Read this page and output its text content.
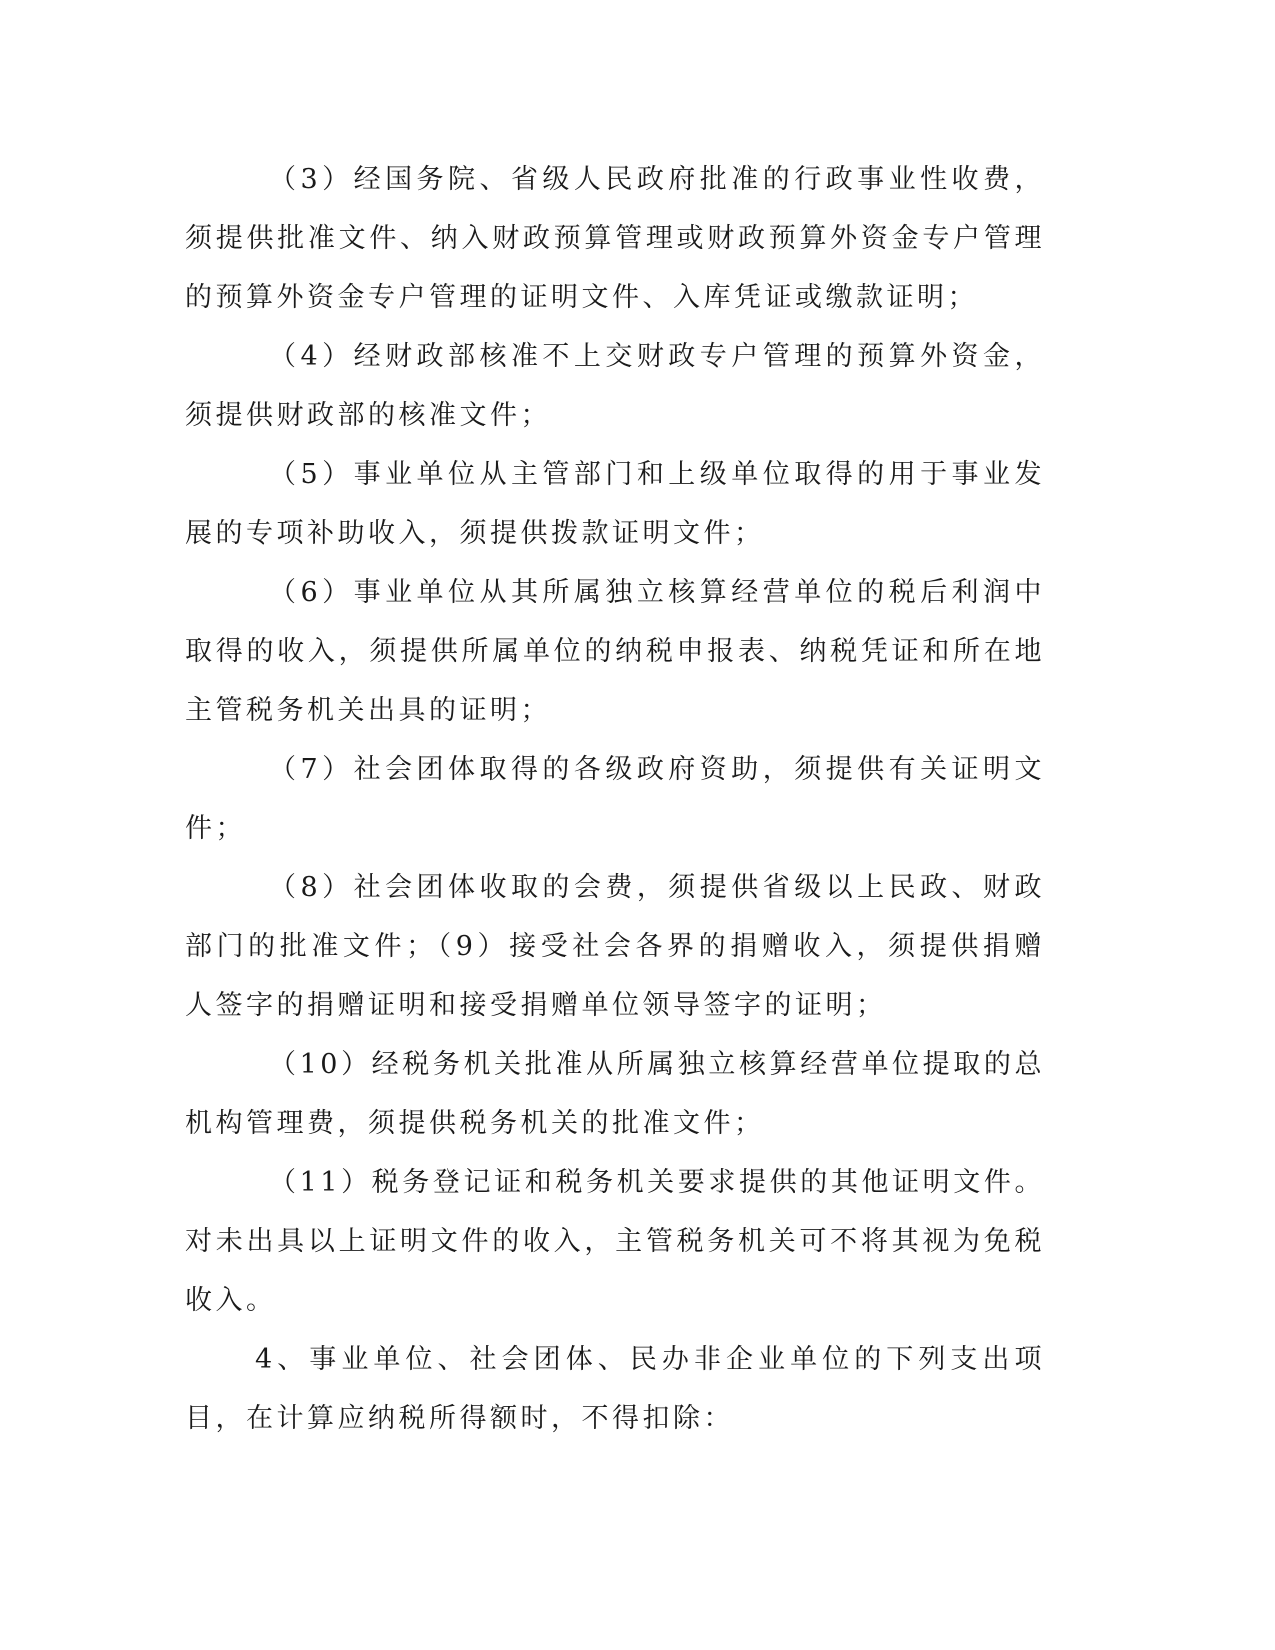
（3）经国务院、省级人民政府批准的行政事业性收费，须提供批准文件、纳入财政预算管理或财政预算外资金专户管理的预算外资金专户管理的证明文件、入库凭证或缴款证明；

（4）经财政部核准不上交财政专户管理的预算外资金，须提供财政部的核准文件；

（5）事业单位从主管部门和上级单位取得的用于事业发展的专项补助收入，须提供拨款证明文件；

（6）事业单位从其所属独立核算经营单位的税后利润中取得的收入，须提供所属单位的纳税申报表、纳税凭证和所在地主管税务机关出具的证明；

（7）社会团体取得的各级政府资助，须提供有关证明文件；

（8）社会团体收取的会费，须提供省级以上民政、财政部门的批准文件；（9）接受社会各界的捐赠收入，须提供捐赠人签字的捐赠证明和接受捐赠单位领导签字的证明；

（10）经税务机关批准从所属独立核算经营单位提取的总机构管理费，须提供税务机关的批准文件；

（11）税务登记证和税务机关要求提供的其他证明文件。对未出具以上证明文件的收入，主管税务机关可不将其视为免税收入。

4、事业单位、社会团体、民办非企业单位的下列支出项目，在计算应纳税所得额时，不得扣除：
